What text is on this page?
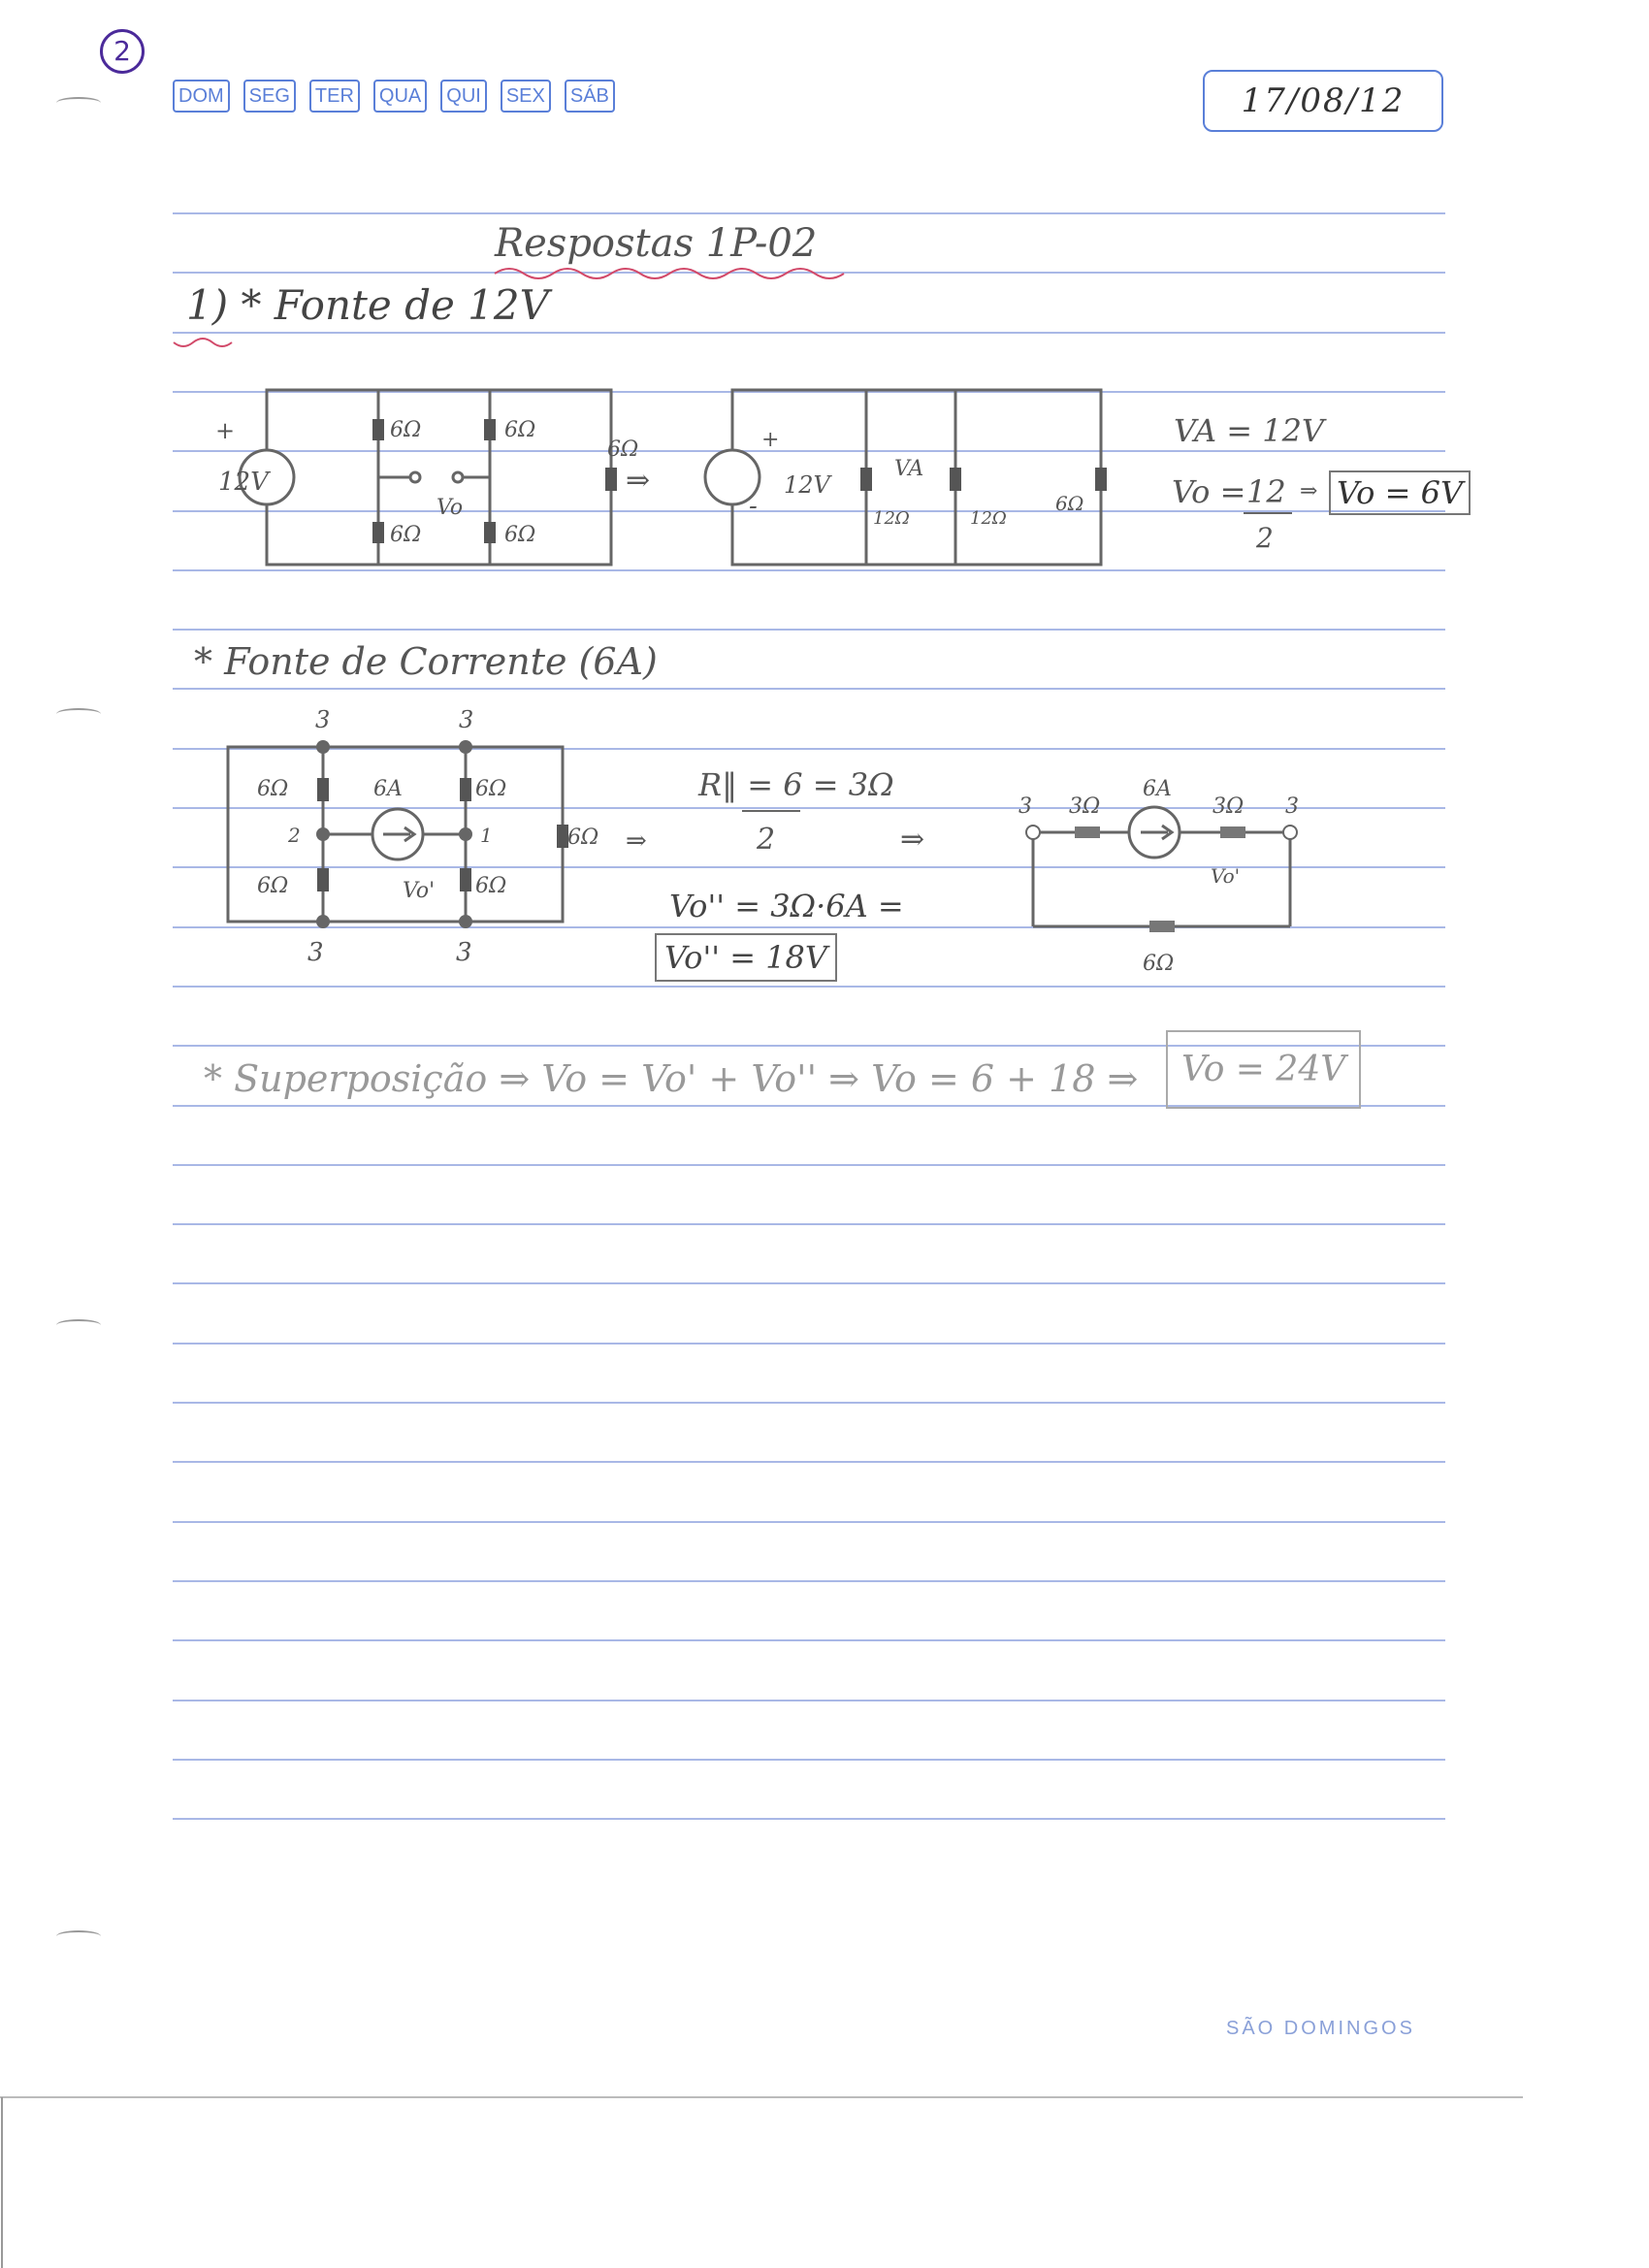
2
DOM	SEG	TER	QUA	QUI	SEX	SÁB	17/08/12
Respostas 1P-02
1) * Fonte de 12V
12V
+	6Ω
6Ω
6Ω
6Ω
6Ω
Vo
⇒
+
-
12V
VA
12Ω	12Ω
6Ω
VA = 12V
Vo = 12
2
⇒ Vo = 6V
* Fonte de Corrente (6A)
3	3
3	3
2	1
6Ω
6Ω
6Ω
6Ω
6Ω
6A
Vo'
⇒
R‖ = 6 = 3Ω
2
Vo'' = 3Ω·6A =
Vo'' = 18V
⇒
3	3
3Ω	3Ω
6A
Vo'
6Ω
* Superposição ⇒ Vo = Vo' + Vo'' ⇒ Vo = 6 + 18 ⇒	Vo = 24V
SÃO DOMINGOS
